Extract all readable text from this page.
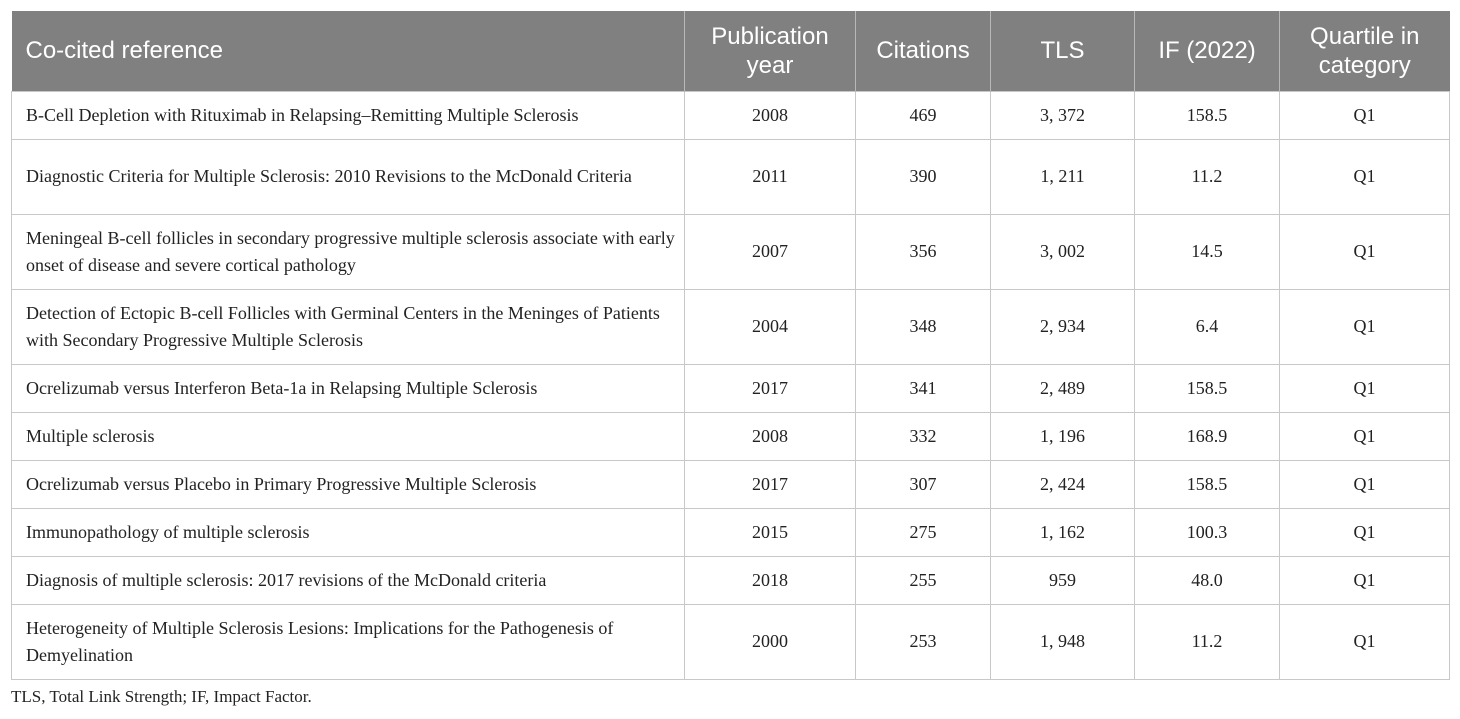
Co-cited reference	Publication year	Citations	TLS	IF (2022)	Quartile in category
B-Cell Depletion with Rituximab in Relapsing–Remitting Multiple Sclerosis	2008	469	3, 372	158.5	Q1
Diagnostic Criteria for Multiple Sclerosis: 2010 Revisions to the McDonald Criteria	2011	390	1, 211	11.2	Q1
Meningeal B-cell follicles in secondary progressive multiple sclerosis associate with early onset of disease and severe cortical pathology	2007	356	3, 002	14.5	Q1
Detection of Ectopic B-cell Follicles with Germinal Centers in the Meninges of Patients with Secondary Progressive Multiple Sclerosis	2004	348	2, 934	6.4	Q1
Ocrelizumab versus Interferon Beta-1a in Relapsing Multiple Sclerosis	2017	341	2, 489	158.5	Q1
Multiple sclerosis	2008	332	1, 196	168.9	Q1
Ocrelizumab versus Placebo in Primary Progressive Multiple Sclerosis	2017	307	2, 424	158.5	Q1
Immunopathology of multiple sclerosis	2015	275	1, 162	100.3	Q1
Diagnosis of multiple sclerosis: 2017 revisions of the McDonald criteria	2018	255	959	48.0	Q1
Heterogeneity of Multiple Sclerosis Lesions: Implications for the Pathogenesis of Demyelination	2000	253	1, 948	11.2	Q1

TLS, Total Link Strength; IF, Impact Factor.
